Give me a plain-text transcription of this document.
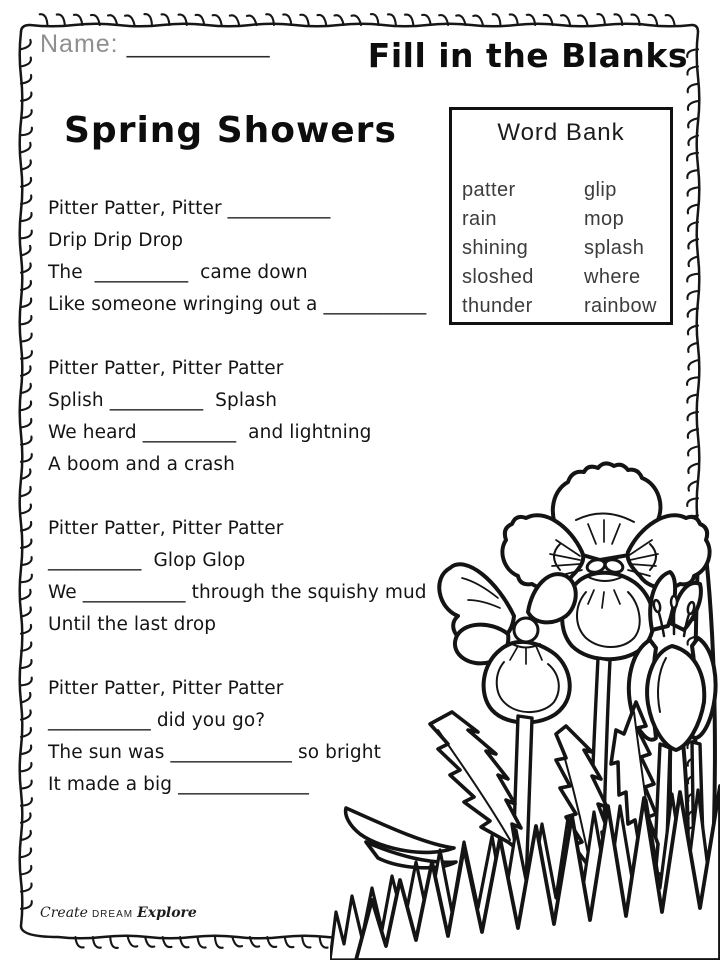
Name: _____________	Fill in the Blanks
Word Bank
patter
rain
shining
sloshed
thunder
glip
mop
splash
where
rainbow
Spring Showers
Pitter Patter, Pitter ___________
Drip Drip Drop
The  __________  came down
Like someone wringing out a ___________
Pitter Patter, Pitter Patter
Splish __________  Splash
We heard __________  and lightning
A boom and a crash
Pitter Patter, Pitter Patter
__________  Glop Glop
We ___________ through the squishy mud
Until the last drop
Pitter Patter, Pitter Patter
___________ did you go?
The sun was _____________ so bright
It made a big ______________
Create DREAM Explore
